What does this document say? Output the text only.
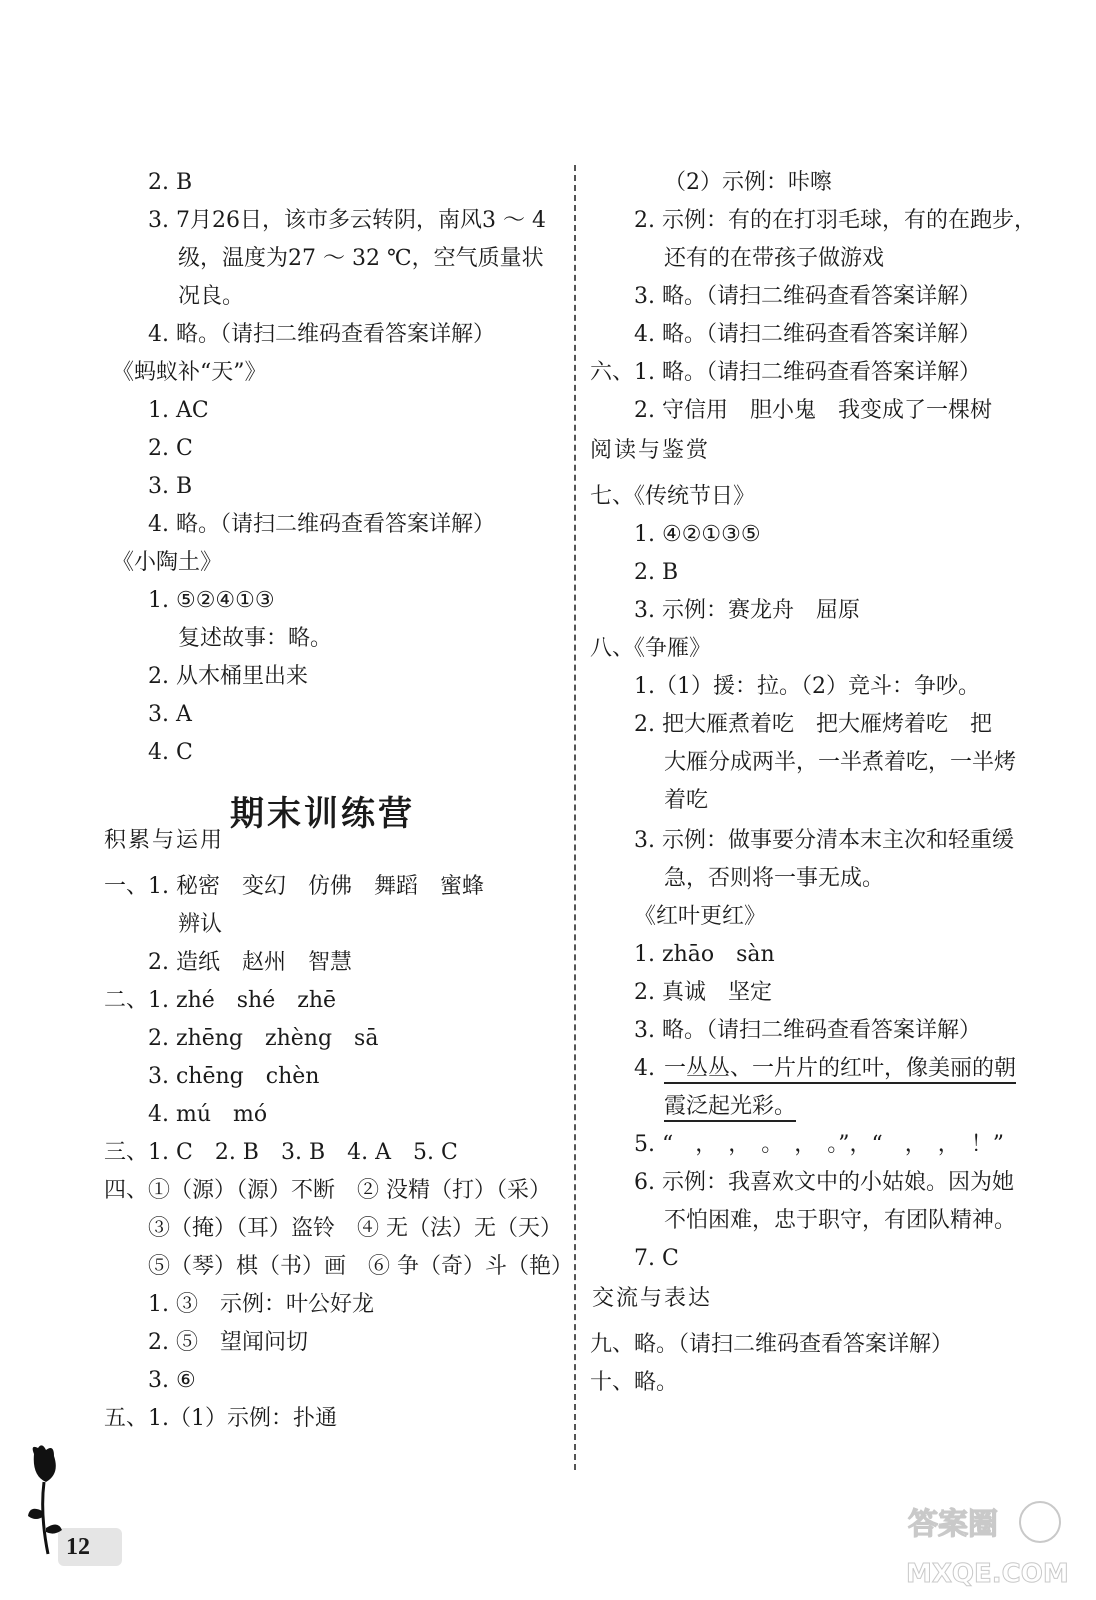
2. B
3. 7月26日，该市多云转阴，南风3 ～ 4
级，温度为27 ～ 32 ℃，空气质量状
况良。
4. 略。（请扫二维码查看答案详解）
《蚂蚁补“天”》
1. AC
2. C
3. B
4. 略。（请扫二维码查看答案详解）
《小陶土》
1. ⑤②④①③
复述故事：略。
2. 从木桶里出来
3. A
4. C
期末训练营
积累与运用
一、1. 秘密　变幻　仿佛　舞蹈　蜜蜂
辨认
2. 造纸　赵州　智慧
二、1. zhé　shé　zhē
2. zhēng　zhèng　sā
3. chēng　chèn
4. mú　mó
三、1. C　2. B　3. B　4. A　5. C
四、①（源）（源）不断　② 没精（打）（采）
③（掩）（耳）盗铃　④ 无（法）无（天）
⑤（琴）棋（书）画　⑥ 争（奇）斗（艳）
1. ③　示例：叶公好龙
2. ⑤　望闻问切
3. ⑥
五、1.（1）示例：扑通
（2）示例：咔嚓
2. 示例：有的在打羽毛球，有的在跑步，
还有的在带孩子做游戏
3. 略。（请扫二维码查看答案详解）
4. 略。（请扫二维码查看答案详解）
六、1. 略。（请扫二维码查看答案详解）
2. 守信用　胆小鬼　我变成了一棵树
阅读与鉴赏
七、《传统节日》
1. ④②①③⑤
2. B
3. 示例：赛龙舟　屈原
八、《争雁》
1.（1）援：拉。（2）竞斗：争吵。
2. 把大雁煮着吃　把大雁烤着吃　把
大雁分成两半，一半煮着吃，一半烤
着吃
3. 示例：做事要分清本末主次和轻重缓
急，否则将一事无成。
《红叶更红》
1. zhāo　sàn
2. 真诚　坚定
3. 略。（请扫二维码查看答案详解）
4. 一丛丛、一片片的红叶，像美丽的朝
霞泛起光彩。
5. “　，　，　。　，　。”，“　，　，　！”
6. 示例：我喜欢文中的小姑娘。因为她
不怕困难，忠于职守，有团队精神。
7. C
交流与表达
九、略。（请扫二维码查看答案详解）
十、略。
12
答案圈
MXQE.COM
